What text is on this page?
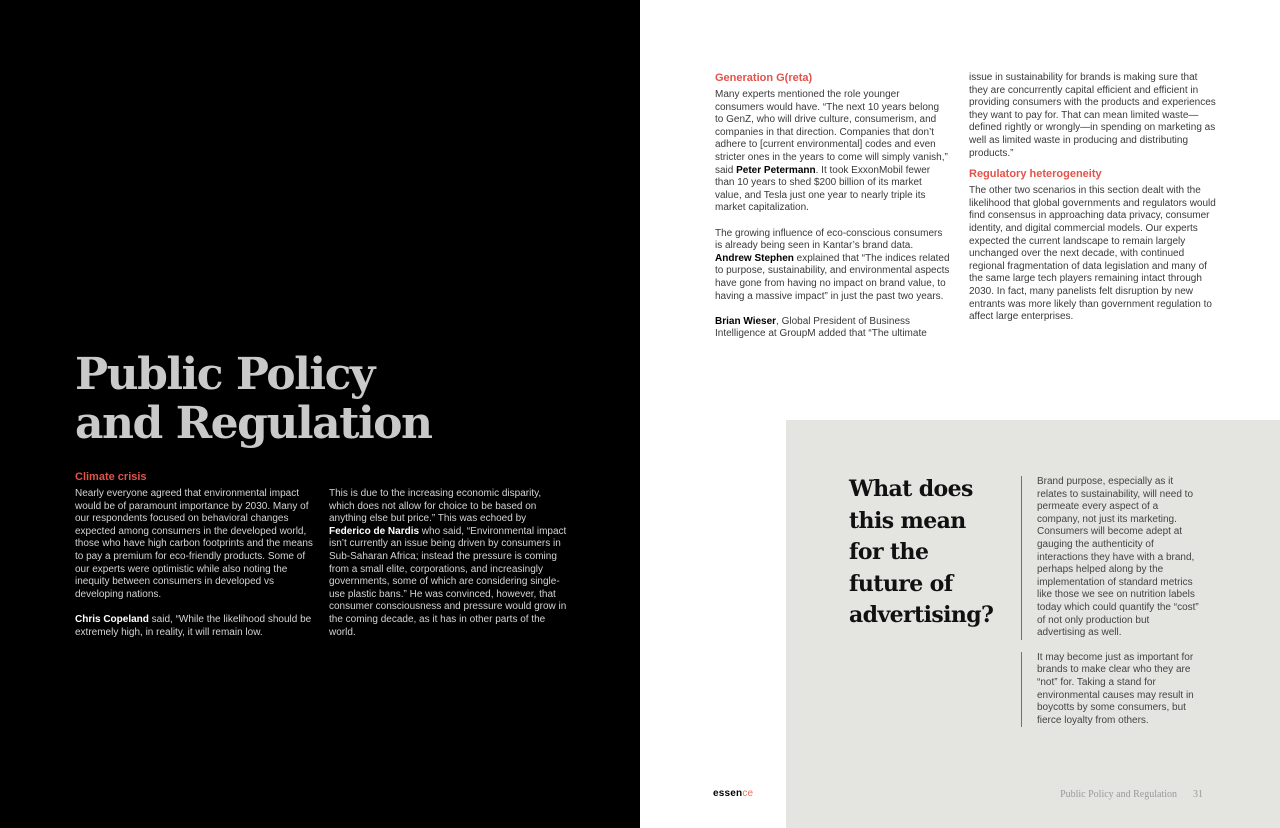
Public Policy
and Regulation
Climate crisis

Nearly everyone agreed that environmental impact would be of paramount importance by 2030. Many of our respondents focused on behavioral changes expected among consumers in the developed world, those who have high carbon footprints and the means to pay a premium for eco-friendly products. Some of our experts were optimistic while also noting the inequity between consumers in developed vs developing nations.

Chris Copeland said, “While the likelihood should be extremely high, in reality, it will remain low.

This is due to the increasing economic disparity, which does not allow for choice to be based on anything else but price.” This was echoed by Federico de Nardis who said, “Environmental impact isn’t currently an issue being driven by consumers in Sub-Saharan Africa; instead the pressure is coming from a small elite, corporations, and increasingly governments, some of which are considering single-use plastic bans.” He was convinced, however, that consumer consciousness and pressure would grow in the coming decade, as it has in other parts of the world.

Generation G(reta)

Many experts mentioned the role younger consumers would have. “The next 10 years belong to GenZ, who will drive culture, consumerism, and companies in that direction. Companies that don’t adhere to [current environmental] codes and even stricter ones in the years to come will simply vanish,” said Peter Petermann. It took ExxonMobil fewer than 10 years to shed $200 billion of its market value, and Tesla just one year to nearly triple its market capitalization.

The growing influence of eco-conscious consumers is already being seen in Kantar’s brand data. Andrew Stephen explained that “The indices related to purpose, sustainability, and environmental aspects have gone from having no impact on brand value, to having a massive impact” in just the past two years.

Brian Wieser, Global President of Business Intelligence at GroupM added that “The ultimate

issue in sustainability for brands is making sure that they are concurrently capital efficient and efficient in providing consumers with the products and experiences they want to pay for. That can mean limited waste—defined rightly or wrongly—in spending on marketing as well as limited waste in producing and distributing products.”

Regulatory heterogeneity

The other two scenarios in this section dealt with the likelihood that global governments and regulators would find consensus in approaching data privacy, consumer identity, and digital commercial models. Our experts expected the current landscape to remain largely unchanged over the next decade, with continued regional fragmentation of data legislation and many of the same large tech players remaining intact through 2030. In fact, many panelists felt disruption by new entrants was more likely than government regulation to affect large enterprises.

What does
this mean
for the
future of
advertising?

Brand purpose, especially as it relates to sustainability, will need to permeate every aspect of a company, not just its marketing. Consumers will become adept at gauging the authenticity of interactions they have with a brand, perhaps helped along by the implementation of standard metrics like those we see on nutrition labels today which could quantify the “cost” of not only production but advertising as well.

It may become just as important for brands to make clear who they are “not” for. Taking a stand for environmental causes may result in boycotts by some consumers, but fierce loyalty from others.

essence	Public Policy and Regulation 31
